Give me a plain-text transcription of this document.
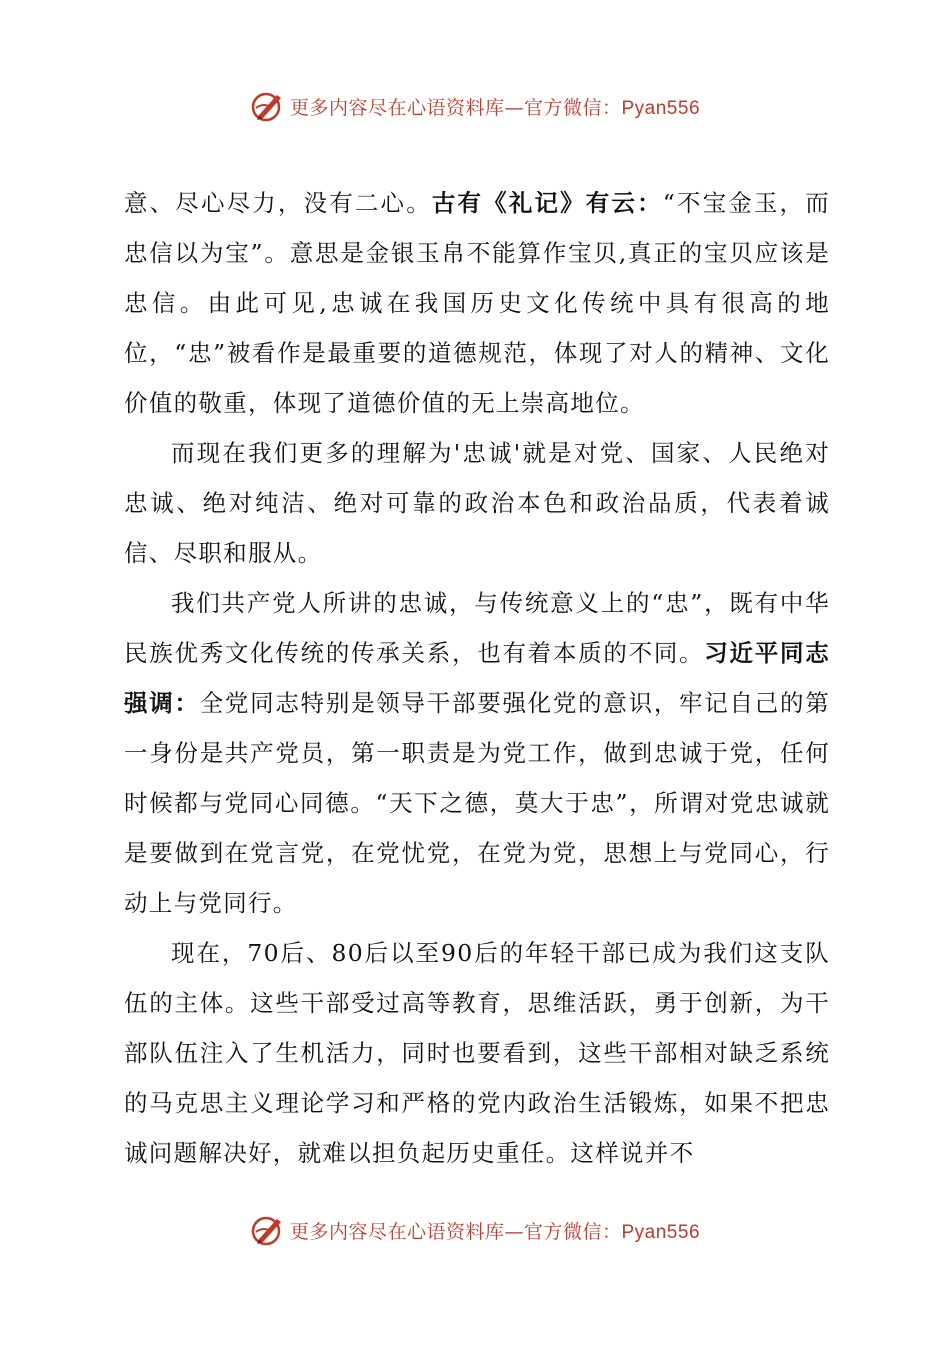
更多内容尽在心语资料库—官方微信：Pyan556

意、尽心尽力，没有二心。古有《礼记》有云：“不宝金玉，而忠信以为宝”。意思是金银玉帛不能算作宝贝,真正的宝贝应该是忠信。由此可见,忠诚在我国历史文化传统中具有很高的地位，“忠”被看作是最重要的道德规范，体现了对人的精神、文化价值的敬重，体现了道德价值的无上崇高地位。

而现在我们更多的理解为'忠诚'就是对党、国家、人民绝对忠诚、绝对纯洁、绝对可靠的政治本色和政治品质，代表着诚信、尽职和服从。

我们共产党人所讲的忠诚，与传统意义上的“忠”，既有中华民族优秀文化传统的传承关系，也有着本质的不同。习近平同志强调：全党同志特别是领导干部要强化党的意识，牢记自己的第一身份是共产党员，第一职责是为党工作，做到忠诚于党，任何时候都与党同心同德。“天下之德，莫大于忠”，所谓对党忠诚就是要做到在党言党，在党忧党，在党为党，思想上与党同心，行动上与党同行。

现在，70后、80后以至90后的年轻干部已成为我们这支队伍的主体。这些干部受过高等教育，思维活跃，勇于创新，为干部队伍注入了生机活力，同时也要看到，这些干部相对缺乏系统的马克思主义理论学习和严格的党内政治生活锻炼，如果不把忠诚问题解决好，就难以担负起历史重任。这样说并不

更多内容尽在心语资料库—官方微信：Pyan556
